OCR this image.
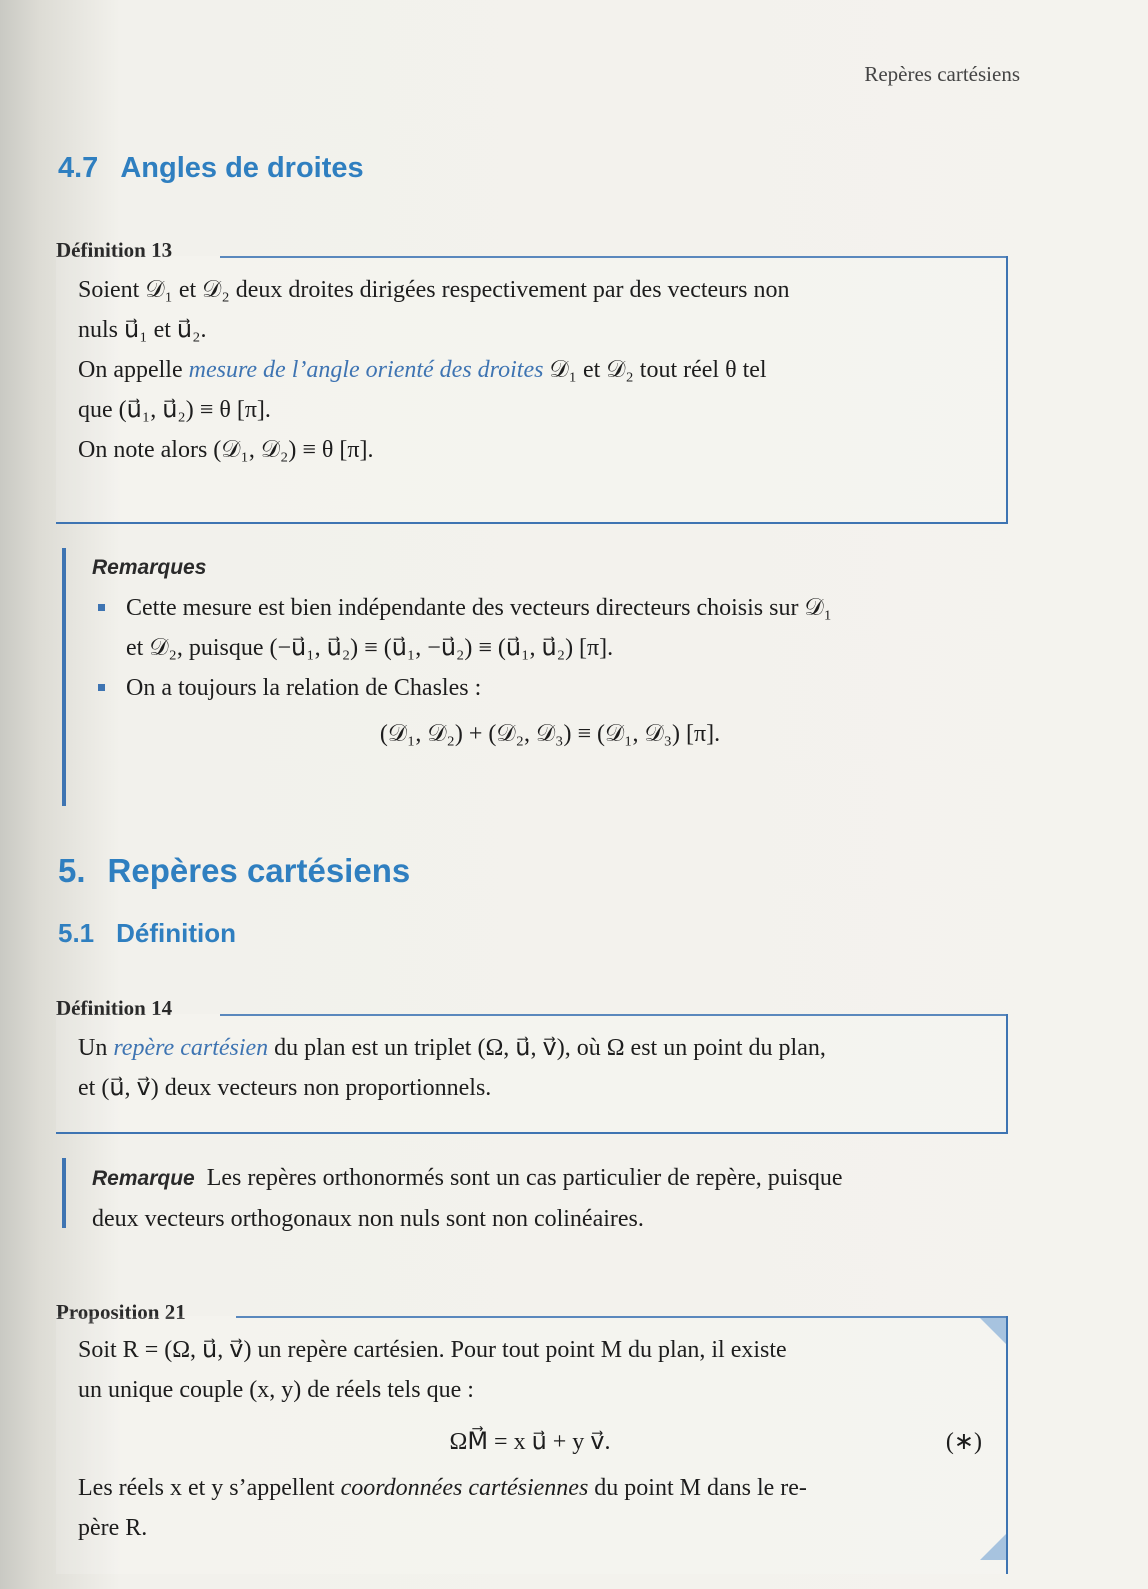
Repères cartésiens
4.7 Angles de droites
Définition 13
Soient 𝒟₁ et 𝒟₂ deux droites dirigées respectivement par des vecteurs non
nuls u⃗₁ et u⃗₂.
On appelle mesure de l’angle orienté des droites 𝒟₁ et 𝒟₂ tout réel θ tel
que (u⃗₁, u⃗₂) ≡ θ [π].
On note alors (𝒟₁, 𝒟₂) ≡ θ [π].
Remarques
Cette mesure est bien indépendante des vecteurs directeurs choisis sur 𝒟₁
et 𝒟₂, puisque (−u⃗₁, u⃗₂) ≡ (u⃗₁, −u⃗₂) ≡ (u⃗₁, u⃗₂) [π].
On a toujours la relation de Chasles :
(𝒟₁, 𝒟₂) + (𝒟₂, 𝒟₃) ≡ (𝒟₁, 𝒟₃) [π].
5. Repères cartésiens
5.1 Définition
Définition 14
Un repère cartésien du plan est un triplet (Ω, u⃗, v⃗), où Ω est un point du plan,
et (u⃗, v⃗) deux vecteurs non proportionnels.
Remarque Les repères orthonormés sont un cas particulier de repère, puisque
deux vecteurs orthogonaux non nuls sont non colinéaires.
Proposition 21
Soit R = (Ω, u⃗, v⃗) un repère cartésien. Pour tout point M du plan, il existe
un unique couple (x, y) de réels tels que :
ΩM⃗ = x u⃗ + y v⃗.	(∗)
Les réels x et y s’appellent coordonnées cartésiennes du point M dans le re-
père R.
